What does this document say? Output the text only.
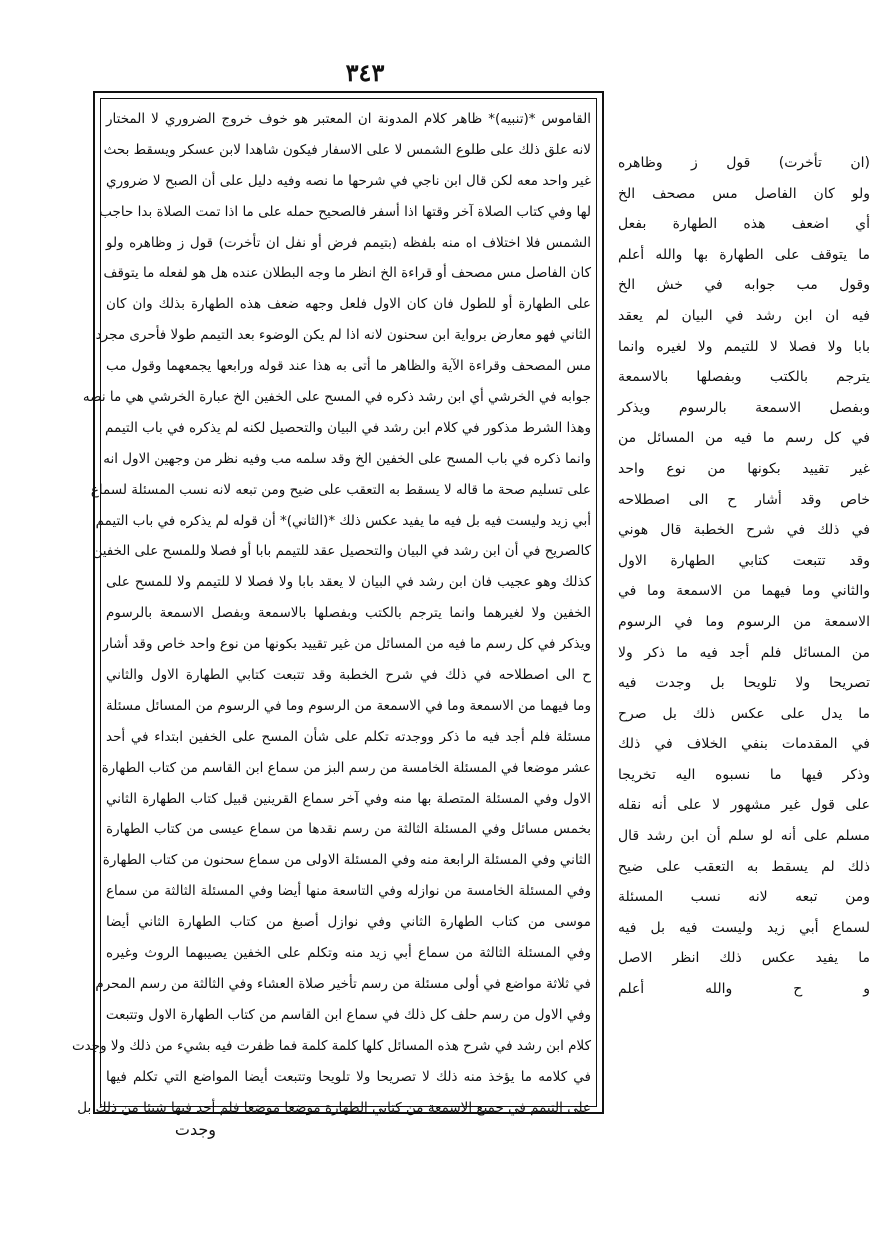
٣٤٣
القاموس *(تنبيه)* ظاهر كلام المدونة ان المعتبر هو خوف خروج الضروري لا المختار
لانه علق ذلك على طلوع الشمس لا على الاسفار فيكون شاهدا لابن عسكر ويسقط بحث
غير واحد معه لكن قال ابن ناجي في شرحها ما نصه وفيه دليل على أن الصبح لا ضروري
لها وفي كتاب الصلاة آخر وقتها اذا أسفر فالصحيح حمله على ما اذا تمت الصلاة بدا حاجب
الشمس فلا اختلاف اه منه بلفظه (بتيمم فرض أو نفل ان تأخرت) قول ز وظاهره ولو
كان الفاصل مس مصحف أو قراءة الخ انظر ما وجه البطلان عنده هل هو لفعله ما يتوقف
على الطهارة أو للطول فان كان الاول فلعل وجهه ضعف هذه الطهارة بذلك وان كان
الثاني فهو معارض برواية ابن سحنون لانه اذا لم يكن الوضوء بعد التيمم طولا فأحرى مجرد
مس المصحف وقراءة الآية والظاهر ما أتى به هذا عند قوله ورابعها يجمعهما وقول مب
جوابه في الخرشي أي ابن رشد ذكره في المسح على الخفين الخ عبارة الخرشي هي ما نصه
وهذا الشرط مذكور في كلام ابن رشد في البيان والتحصيل لكنه لم يذكره في باب التيمم
وانما ذكره في باب المسح على الخفين الخ وقد سلمه مب وفيه نظر من وجهين الاول انه
على تسليم صحة ما قاله لا يسقط به التعقب على ضيح ومن تبعه لانه نسب المسئلة لسماع
أبي زيد وليست فيه بل فيه ما يفيد عكس ذلك *(الثاني)* أن قوله لم يذكره في باب التيمم
كالصريح في أن ابن رشد في البيان والتحصيل عقد للتيمم بابا أو فصلا وللمسح على الخفين
كذلك وهو عجيب فان ابن رشد في البيان لا يعقد بابا ولا فصلا لا للتيمم ولا للمسح على
الخفين ولا لغيرهما وانما يترجم بالكتب وبفصلها بالاسمعة وبفصل الاسمعة بالرسوم
ويذكر في كل رسم ما فيه من المسائل من غير تقييد بكونها من نوع واحد خاص وقد أشار
ح الى اصطلاحه في ذلك في شرح الخطبة وقد تتبعت كتابي الطهارة الاول والثاني
وما فيهما من الاسمعة وما في الاسمعة من الرسوم وما في الرسوم من المسائل مسئلة
مسئلة فلم أجد فيه ما ذكر ووجدته تكلم على شأن المسح على الخفين ابتداء في أحد
عشر موضعا في المسئلة الخامسة من رسم البز من سماع ابن القاسم من كتاب الطهارة
الاول وفي المسئلة المتصلة بها منه وفي آخر سماع القرينين قبيل كتاب الطهارة الثاني
بخمس مسائل وفي المسئلة الثالثة من رسم نقدها من سماع عيسى من كتاب الطهارة
الثاني وفي المسئلة الرابعة منه وفي المسئلة الاولى من سماع سحنون من كتاب الطهارة
وفي المسئلة الخامسة من نوازله وفي التاسعة منها أيضا وفي المسئلة الثالثة من سماع
موسى من كتاب الطهارة الثاني وفي نوازل أصبغ من كتاب الطهارة الثاني أيضا
وفي المسئلة الثالثة من سماع أبي زيد منه وتكلم على الخفين يصيبهما الروث وغيره
في ثلاثة مواضع في أولى مسئلة من رسم تأخير صلاة العشاء وفي الثالثة من رسم المحرم
وفي الاول من رسم حلف كل ذلك في سماع ابن القاسم من كتاب الطهارة الاول وتتبعت
كلام ابن رشد في شرح هذه المسائل كلها كلمة كلمة فما ظفرت فيه بشيء من ذلك ولا وجدت
في كلامه ما يؤخذ منه ذلك لا تصريحا ولا تلويحا وتتبعت أيضا المواضع التي تكلم فيها
على التيمم في جميع الاسمعة من كتابي الطهارة موضعا موضعا فلم أجد فيها شيئا من ذلك بل
(ان تأخرت) قول ز وظاهره
ولو كان الفاصل مس مصحف الخ
أي اضعف هذه الطهارة بفعل
ما يتوقف على الطهارة بها والله أعلم
وقول مب جوابه في خش الخ
فيه ان ابن رشد في البيان لم يعقد
بابا ولا فصلا لا للتيمم ولا لغيره وانما
يترجم بالكتب وبفصلها بالاسمعة
وبفصل الاسمعة بالرسوم ويذكر
في كل رسم ما فيه من المسائل من
غير تقييد بكونها من نوع واحد
خاص وقد أشار ح الى اصطلاحه
في ذلك في شرح الخطبة قال هوني
وقد تتبعت كتابي الطهارة الاول
والثاني وما فيهما من الاسمعة وما في
الاسمعة من الرسوم وما في الرسوم
من المسائل فلم أجد فيه ما ذكر ولا
تصريحا ولا تلويحا بل وجدت فيه
ما يدل على عكس ذلك بل صرح
في المقدمات بنفي الخلاف في ذلك
وذكر فيها ما نسبوه اليه تخريجا
على قول غير مشهور لا على أنه نقله
مسلم على أنه لو سلم أن ابن رشد قال
ذلك لم يسقط به التعقب على ضيح
ومن تبعه لانه نسب المسئلة
لسماع أبي زيد وليست فيه بل فيه
ما يفيد عكس ذلك انظر الاصل
و ح والله أعلم
وجدت
